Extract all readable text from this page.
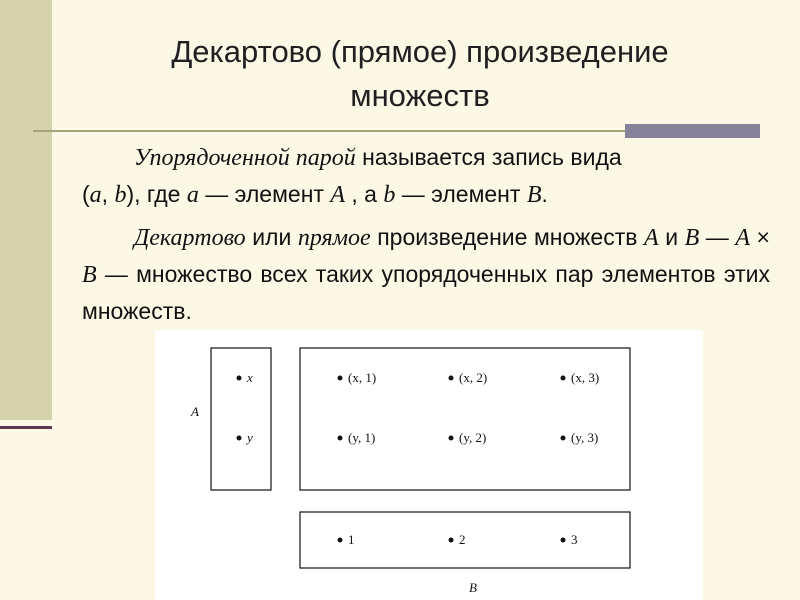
Декартово (прямое) произведение
множеств
Упорядоченной парой называется запись вида
(a, b), где a — элемент A , а b — элемент B.
Декартово или прямое произведение множеств A и B — A × B ― множество всех таких упорядоченных пар элементов этих множеств.
A
x
y
(x, 1)	(x, 2)	(x, 3)
(y, 1)	(y, 2)	(y, 3)
1	2	3
B
